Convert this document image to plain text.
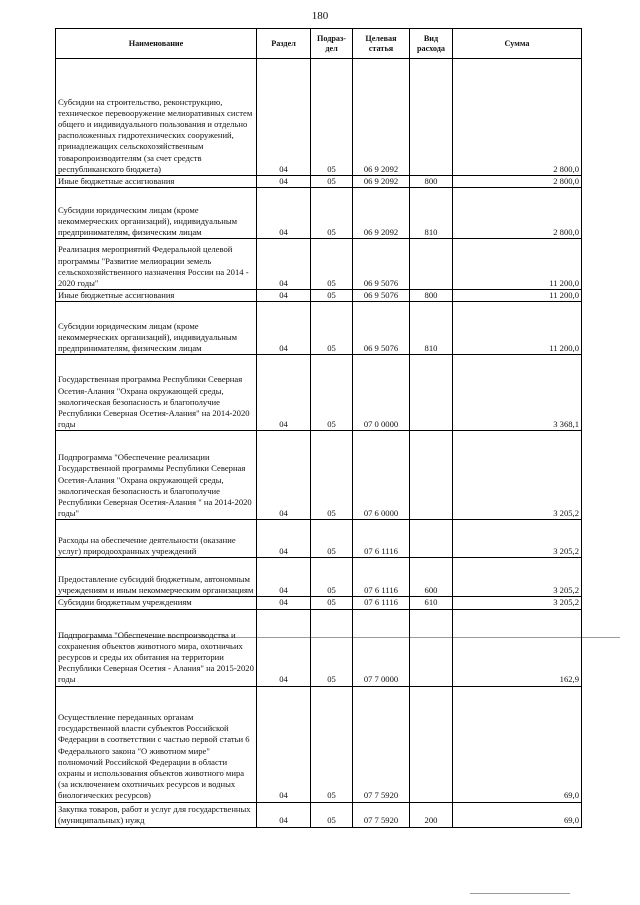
180
Наименование	Раздел	Подраз-дел	Целевая статья	Вид расхода	Сумма
Субсидии на строительство, реконструкцию, техническое перевооружение мелиоративных систем общего и индивидуального пользования и отдельно расположенных гидротехнических сооружений, принадлежащих сельскохозяйственным товаропроизводителям (за счет средств республиканского бюджета)	04	05	06 9 2092		2 800,0
Иные бюджетные ассигнования	04	05	06 9 2092	800	2 800,0
Субсидии юридическим лицам (кроме некоммерческих организаций), индивидуальным предпринимателям, физическим лицам	04	05	06 9 2092	810	2 800,0
Реализация мероприятий Федеральной целевой программы "Развитие мелиорации земель сельскохозяйственного назначения России на 2014 - 2020 годы"	04	05	06 9 5076		11 200,0
Иные бюджетные ассигнования	04	05	06 9 5076	800	11 200,0
Субсидии юридическим лицам (кроме некоммерческих организаций), индивидуальным предпринимателям, физическим лицам	04	05	06 9 5076	810	11 200,0
Государственная программа Республики Северная Осетия-Алания "Охрана окружающей среды, экологическая безопасность и благополучие Республики Северная Осетия-Алания" на 2014-2020 годы	04	05	07 0 0000		3 368,1
Подпрограмма "Обеспечение реализации Государственной программы Республики Северная Осетия-Алания "Охрана окружающей среды, экологическая безопасность и благополучие Республики Северная Осетия-Алания " на 2014-2020 годы"	04	05	07 6 0000		3 205,2
Расходы на обеспечение деятельности (оказание услуг) природоохранных учреждений	04	05	07 6 1116		3 205,2
Предоставление субсидий бюджетным, автономным учреждениям и иным некоммерческим организациям	04	05	07 6 1116	600	3 205,2
Субсидии бюджетным учреждениям	04	05	07 6 1116	610	3 205,2
Подпрограмма "Обеспечение воспроизводства и сохранения объектов животного мира, охотничьих ресурсов и среды их обитания на территории Республики Северная Осетия - Алания" на 2015-2020 годы	04	05	07 7 0000		162,9
Осуществление переданных органам государственной власти субъектов Российской Федерации в соответствии с частью первой статьи 6 Федерального закона "О животном мире" полномочий Российской Федерации в области охраны и использования объектов животного мира (за исключением охотничьих ресурсов и водных биологических ресурсов)	04	05	07 7 5920		69,0
Закупка товаров, работ и услуг для государственных (муниципальных) нужд	04	05	07 7 5920	200	69,0
